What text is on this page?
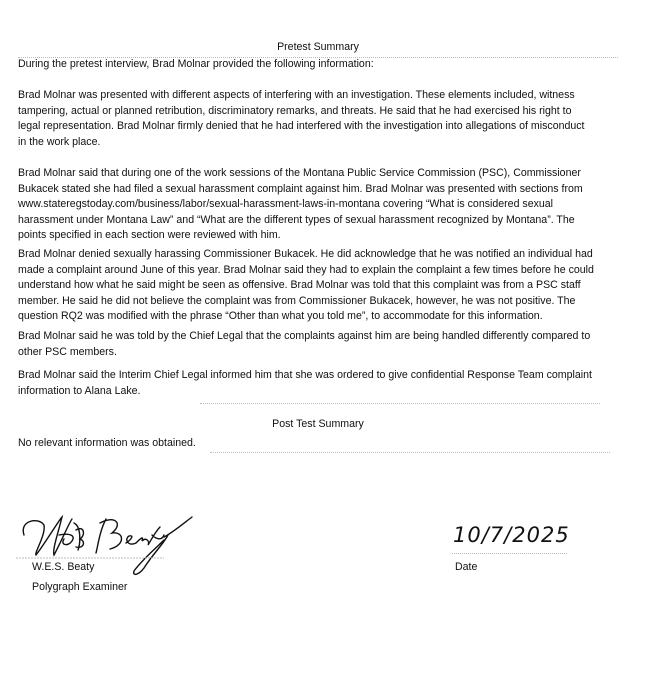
Pretest Summary
During the pretest interview, Brad Molnar provided the following information:
Brad Molnar was presented with different aspects of interfering with an investigation. These elements included, witness
tampering, actual or planned retribution, discriminatory remarks, and threats. He said that he had exercised his right to
legal representation. Brad Molnar firmly denied that he had interfered with the investigation into allegations of misconduct
in the work place.
Brad Molnar said that during one of the work sessions of the Montana Public Service Commission (PSC), Commissioner
Bukacek stated she had filed a sexual harassment complaint against him. Brad Molnar was presented with sections from
www.stateregstoday.com/business/labor/sexual-harassment-laws-in-montana covering “What is considered sexual
harassment under Montana Law” and “What are the different types of sexual harassment recognized by Montana”. The
points specified in each section were reviewed with him.
Brad Molnar denied sexually harassing Commissioner Bukacek. He did acknowledge that he was notified an individual had
made a complaint around June of this year. Brad Molnar said they had to explain the complaint a few times before he could
understand how what he said might be seen as offensive. Brad Molnar was told that this complaint was from a PSC staff
member. He said he did not believe the complaint was from Commissioner Bukacek, however, he was not positive. The
question RQ2 was modified with the phrase “Other than what you told me”, to accommodate for this information.
Brad Molnar said he was told by the Chief Legal that the complaints against him are being handled differently compared to
other PSC members.
Brad Molnar said the Interim Chief Legal informed him that she was ordered to give confidential Response Team complaint
information to Alana Lake.
Post Test Summary
No relevant information was obtained.
W.E.S. Beaty
Polygraph Examiner
10/7/2025
Date
